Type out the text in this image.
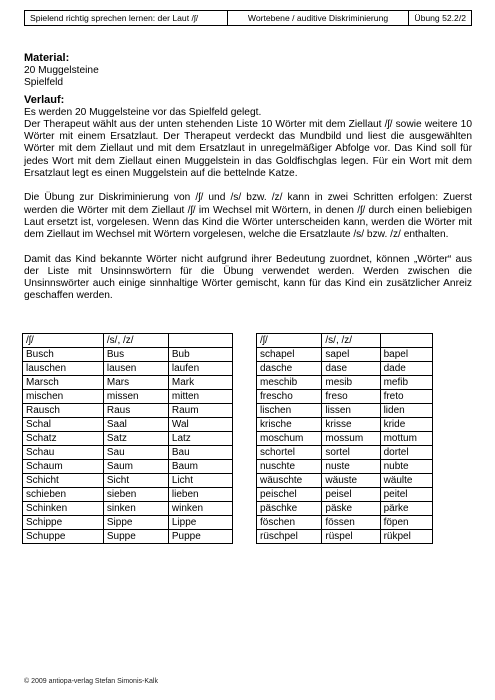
Spielend richtig sprechen lernen: der Laut /ʃ/	Wortebene / auditive Diskriminierung	Übung 52.2/2
Material:
20 Muggelsteine
Spielfeld
Verlauf:
Es werden 20 Muggelsteine vor das Spielfeld gelegt.
Der Therapeut wählt aus der unten stehenden Liste 10 Wörter mit dem Ziellaut /ʃ/ sowie weitere 10 Wörter mit einem Ersatzlaut. Der Therapeut verdeckt das Mundbild und liest die ausgewählten Wörter mit dem Ziellaut und mit dem Ersatzlaut in unregelmäßiger Abfolge vor. Das Kind soll für jedes Wort mit dem Ziellaut einen Muggelstein in das Goldfischglas legen. Für ein Wort mit dem Ersatzlaut legt es einen Muggelstein auf die bettelnde Katze.
Die Übung zur Diskriminierung von /ʃ/ und /s/ bzw. /z/ kann in zwei Schritten erfolgen: Zuerst werden die Wörter mit dem Ziellaut /ʃ/ im Wechsel mit Wörtern, in denen /ʃ/ durch einen beliebigen Laut ersetzt ist, vorgelesen. Wenn das Kind die Wörter unterscheiden kann, werden die Wörter mit dem Ziellaut im Wechsel mit Wörtern vorgelesen, welche die Ersatzlaute /s/ bzw. /z/ enthalten.
Damit das Kind bekannte Wörter nicht aufgrund ihrer Bedeutung zuordnet, können „Wörter“ aus der Liste mit Unsinnswörtern für die Übung verwendet werden. Werden zwischen die Unsinnswörter auch einige sinnhaltige Wörter gemischt, kann für das Kind ein zusätzlicher Anreiz geschaffen werden.
/ʃ/	/s/, /z/	
Busch	Bus	Bub
lauschen	lausen	laufen
Marsch	Mars	Mark
mischen	missen	mitten
Rausch	Raus	Raum
Schal	Saal	Wal
Schatz	Satz	Latz
Schau	Sau	Bau
Schaum	Saum	Baum
Schicht	Sicht	Licht
schieben	sieben	lieben
Schinken	sinken	winken
Schippe	Sippe	Lippe
Schuppe	Suppe	Puppe
/ʃ/	/s/, /z/	
schapel	sapel	bapel
dasche	dase	dade
meschib	mesib	mefib
frescho	freso	freto
lischen	lissen	liden
krische	krisse	kride
moschum	mossum	mottum
schortel	sortel	dortel
nuschte	nuste	nubte
wäuschte	wäuste	wäulte
peischel	peisel	peitel
päschke	päske	pärke
föschen	fössen	föpen
rüschpel	rüspel	rükpel
© 2009 antiopa-verlag Stefan Simonis-Kalk
